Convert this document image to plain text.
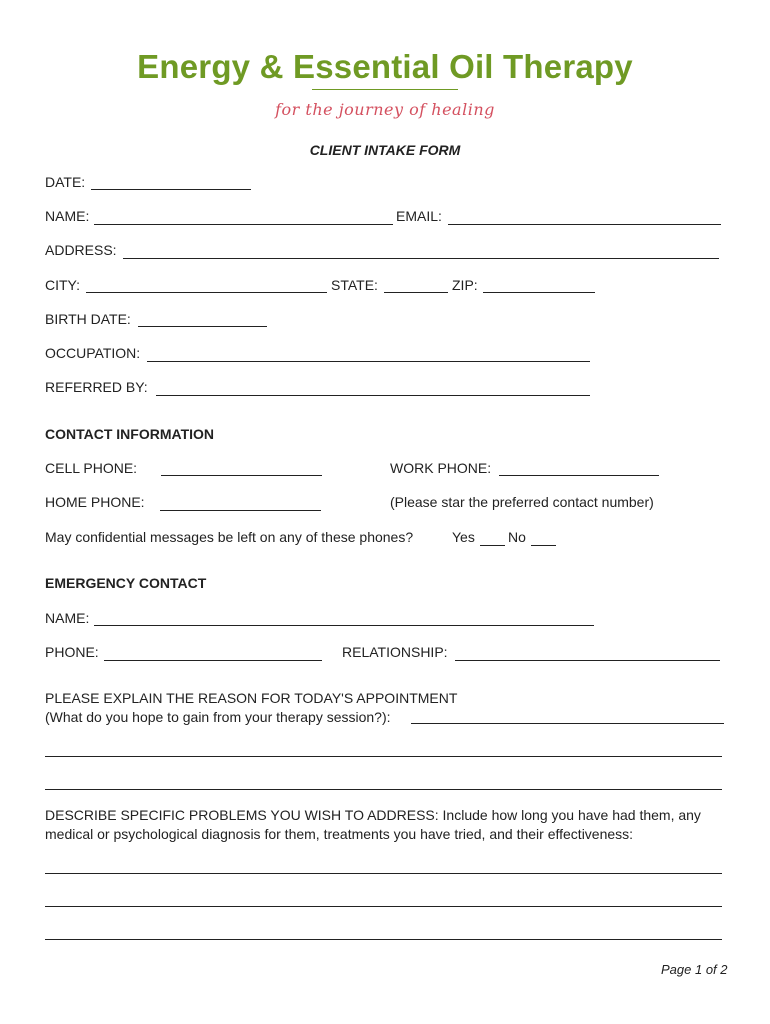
Energy & Essential Oil Therapy
for the journey of healing
CLIENT INTAKE FORM
DATE:
NAME:	EMAIL:
ADDRESS:
CITY:	STATE:	ZIP:
BIRTH DATE:
OCCUPATION:
REFERRED BY:
CONTACT INFORMATION
CELL PHONE:	WORK PHONE:
HOME PHONE:	(Please star the preferred contact number)
May confidential messages be left on any of these phones?	Yes No
EMERGENCY CONTACT
NAME:
PHONE:	RELATIONSHIP:
PLEASE EXPLAIN THE REASON FOR TODAY'S APPOINTMENT
(What do you hope to gain from your therapy session?):
DESCRIBE SPECIFIC PROBLEMS YOU WISH TO ADDRESS: Include how long you have had them, any
medical or psychological diagnosis for them, treatments you have tried, and their effectiveness:
Page 1 of 2
